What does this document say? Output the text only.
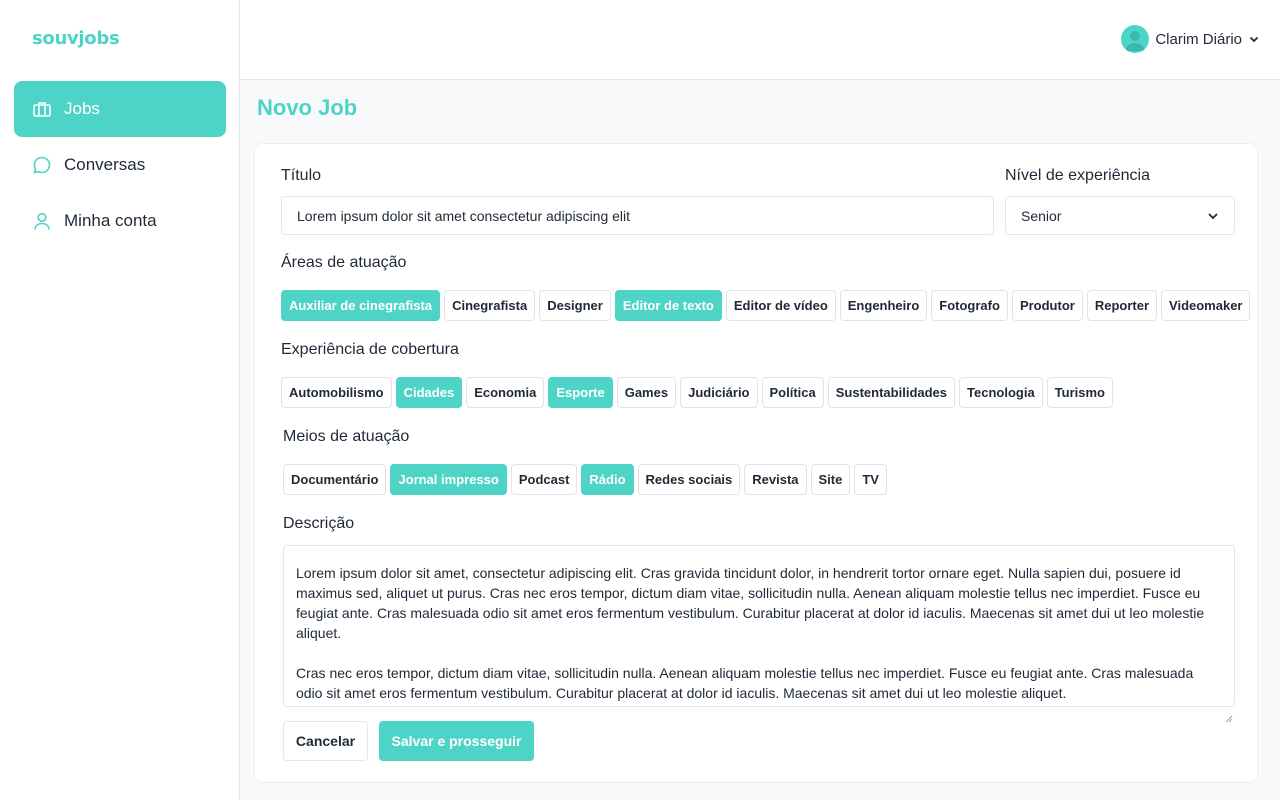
souvjobs
Jobs
Conversas
Minha conta
Clarim Diário
Novo Job
Título
Lorem ipsum dolor sit amet consectetur adipiscing elit
Nível de experiência
Senior
Áreas de atuação
Auxiliar de cinegrafista	Cinegrafista	Designer	Editor de texto	Editor de vídeo	Engenheiro	Fotografo	Produtor	Reporter	Videomaker
Experiência de cobertura
Automobilismo	Cidades	Economia	Esporte	Games	Judiciário	Política	Sustentabilidades	Tecnologia	Turismo
Meios de atuação
Documentário	Jornal impresso	Podcast	Rádio	Redes sociais	Revista	Site	TV
Descrição

Lorem ipsum dolor sit amet, consectetur adipiscing elit. Cras gravida tincidunt dolor, in hendrerit tortor ornare eget. Nulla sapien dui, posuere id maximus sed, aliquet ut purus. Cras nec eros tempor, dictum diam vitae, sollicitudin nulla. Aenean aliquam molestie tellus nec imperdiet. Fusce eu feugiat ante. Cras malesuada odio sit amet eros fermentum vestibulum. Curabitur placerat at dolor id iaculis. Maecenas sit amet dui ut leo molestie aliquet.

Cras nec eros tempor, dictum diam vitae, sollicitudin nulla. Aenean aliquam molestie tellus nec imperdiet. Fusce eu feugiat ante. Cras malesuada odio sit amet eros fermentum vestibulum. Curabitur placerat at dolor id iaculis. Maecenas sit amet dui ut leo molestie aliquet.

Cancelar	Salvar e prosseguir
